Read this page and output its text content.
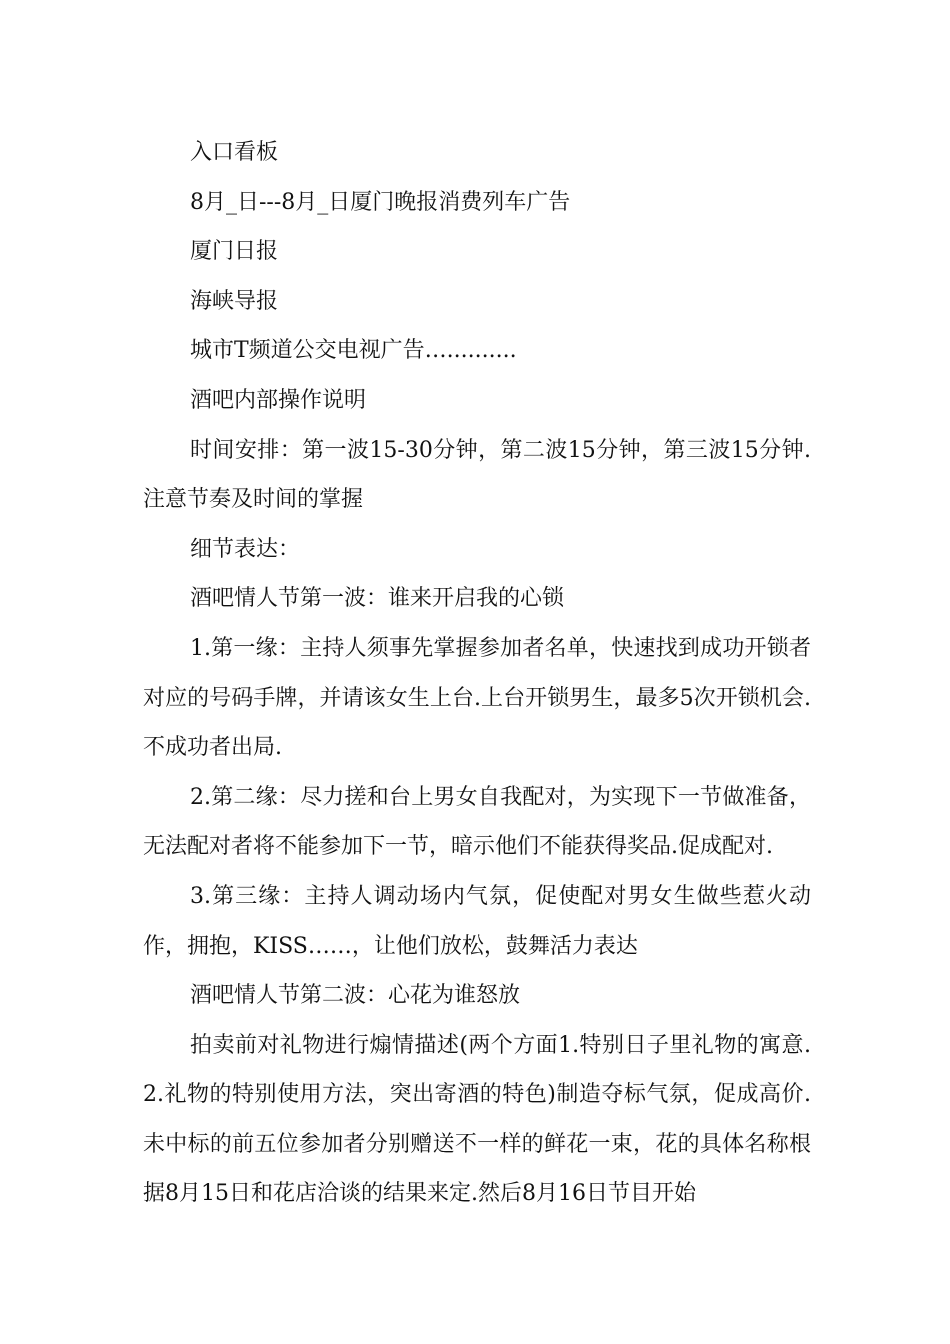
入口看板

8月_日---8月_日厦门晚报消费列车广告

厦门日报

海峡导报

城市T频道公交电视广告…..........

酒吧内部操作说明

时间安排：第一波15-30分钟，第二波15分钟，第三波15分钟.注意节奏及时间的掌握

细节表达：

酒吧情人节第一波：谁来开启我的心锁

1.第一缘：主持人须事先掌握参加者名单，快速找到成功开锁者对应的号码手牌，并请该女生上台.上台开锁男生，最多5次开锁机会.不成功者出局.

2.第二缘：尽力搓和台上男女自我配对，为实现下一节做准备，无法配对者将不能参加下一节，暗示他们不能获得奖品.促成配对.

3.第三缘：主持人调动场内气氛，促使配对男女生做些惹火动作，拥抱，KISS……，让他们放松，鼓舞活力表达

酒吧情人节第二波：心花为谁怒放

拍卖前对礼物进行煽情描述(两个方面1.特别日子里礼物的寓意.2.礼物的特别使用方法，突出寄酒的特色)制造夺标气氛，促成高价.未中标的前五位参加者分别赠送不一样的鲜花一束，花的具体名称根据8月15日和花店洽谈的结果来定.然后8月16日节目开始
